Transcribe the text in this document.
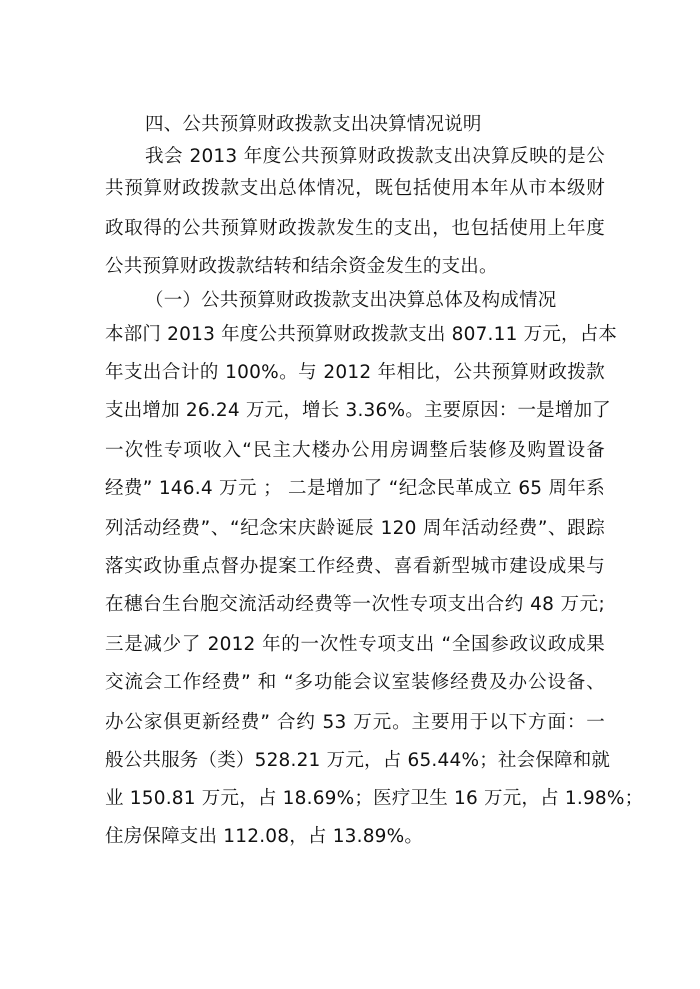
四、公共预算财政拨款支出决算情况说明
我会 2013 年度公共预算财政拨款支出决算反映的是公
共预算财政拨款支出总体情况，既包括使用本年从市本级财
政取得的公共预算财政拨款发生的支出，也包括使用上年度
公共预算财政拨款结转和结余资金发生的支出。
（一）公共预算财政拨款支出决算总体及构成情况
本部门 2013 年度公共预算财政拨款支出 807.11 万元，占本
年支出合计的 100%。与 2012 年相比，公共预算财政拨款
支出增加 26.24 万元，增长 3.36%。主要原因：一是增加了
一次性专项收入“民主大楼办公用房调整后装修及购置设备
经费” 146.4 万元 ； 二是增加了 “纪念民革成立 65 周年系
列活动经费”、“纪念宋庆龄诞辰 120 周年活动经费”、跟踪
落实政协重点督办提案工作经费、喜看新型城市建设成果与
在穗台生台胞交流活动经费等一次性专项支出合约 48 万元;
三是减少了 2012 年的一次性专项支出 “全国参政议政成果
交流会工作经费” 和 “多功能会议室装修经费及办公设备、
办公家俱更新经费” 合约 53 万元。主要用于以下方面：一
般公共服务（类）528.21 万元，占 65.44%；社会保障和就
业 150.81 万元，占 18.69%；医疗卫生 16 万元，占 1.98%；
住房保障支出 112.08，占 13.89%。
